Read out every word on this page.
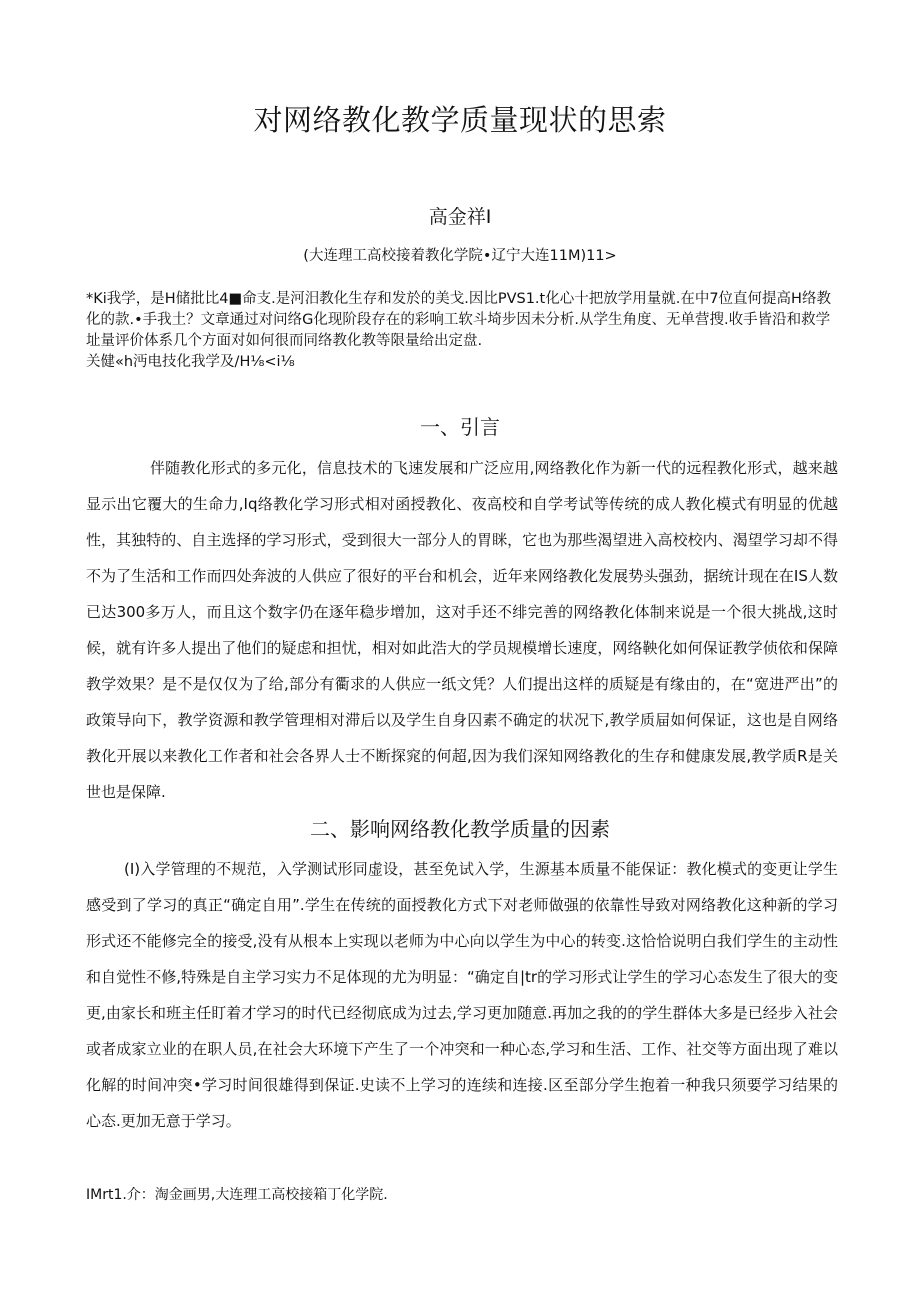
对网络教化教学质量现状的思索

高金祥I

(大连理工高校接着教化学院•辽宁大连11M)11>

*Ki我学，是H储批比4■命支.是河汨教化生存和发於的美戈.因比PVS1.t化心十把放学用量就.在中7位直何提高H络教化的款.•手我土？文章通过对问络G化现阶段存在的彩响工软斗埼步因未分析.从学生角度、无单营搜.收手皆沿和救学址量评价体系几个方面对如何很而同络教化教等限量给出定盘.

关健«h沔电技化我学及/H⅛<i⅛

一、引言

伴随教化形式的多元化，信息技术的飞速发展和广泛应用,网络教化作为新一代的远程教化形式，越来越显示出它覆大的生命力,Iq络教化学习形式相对函授教化、夜高校和自学考试等传统的成人教化模式有明显的优越性，其独特的、自主选择的学习形式，受到很大一部分人的胃眯，它也为那些渴望进入高校校内、渴望学习却不得不为了生活和工作而四处奔波的人供应了很好的平台和机会，近年来网络教化发展势头强劲，据统计现在在IS人数已达300多万人，而且这个数字仍在逐年稳步增加，这对手还不绯完善的网络教化体制来说是一个很大挑战,这时候，就有许多人提出了他们的疑虑和担忧，相对如此浩大的学员规模增长速度，网络鞅化如何保证教学侦依和保障教学效果？是不是仅仅为了给,部分有衢求的人供应一纸文凭？人们提出这样的质疑是有缘由的，在“宽进严出”的政策导向下，教学资源和教学管理相对滞后以及学生自身囚素不确定的状况下,教学质屇如何保证，这也是自网络教化开展以来教化工作者和社会各界人士不断探窕的何超,因为我们深知网络教化的生存和健康发展,教学质R是关世也是保障.

二、影响网络教化教学质量的因素

(I)入学管理的不规范，入学测试形同虚设，甚至免试入学，生源基本质量不能保证：教化模式的变更让学生感受到了学习的真正“确定自用”.学生在传统的面授教化方式下对老师做强的依靠性导致对网络教化这种新的学习形式还不能修完全的接受,没有从根本上实现以老师为中心向以学生为中心的转变.这恰恰说明白我们学生的主动性和自觉性不修,特殊是自主学习实力不足体现的尤为明显：“确定自|tr的学习形式让学生的学习心态发生了很大的变更,由家长和班主任盯着才学习的时代已经彻底成为过去,学习更加随意.再加之我的的学生群体大多是已经步入社会或者成家立业的在职人员,在社会大环境下产生了一个冲突和一种心态,学习和生活、工作、社交等方面出现了难以化解的时间冲突•学习时间很雄得到保证.史读不上学习的连续和连接.区至部分学生抱着一种我只须要学习结果的心态.更加无意于学习。

IMrt1.介：淘金画男,大连理工高校接箱丁化学院.
